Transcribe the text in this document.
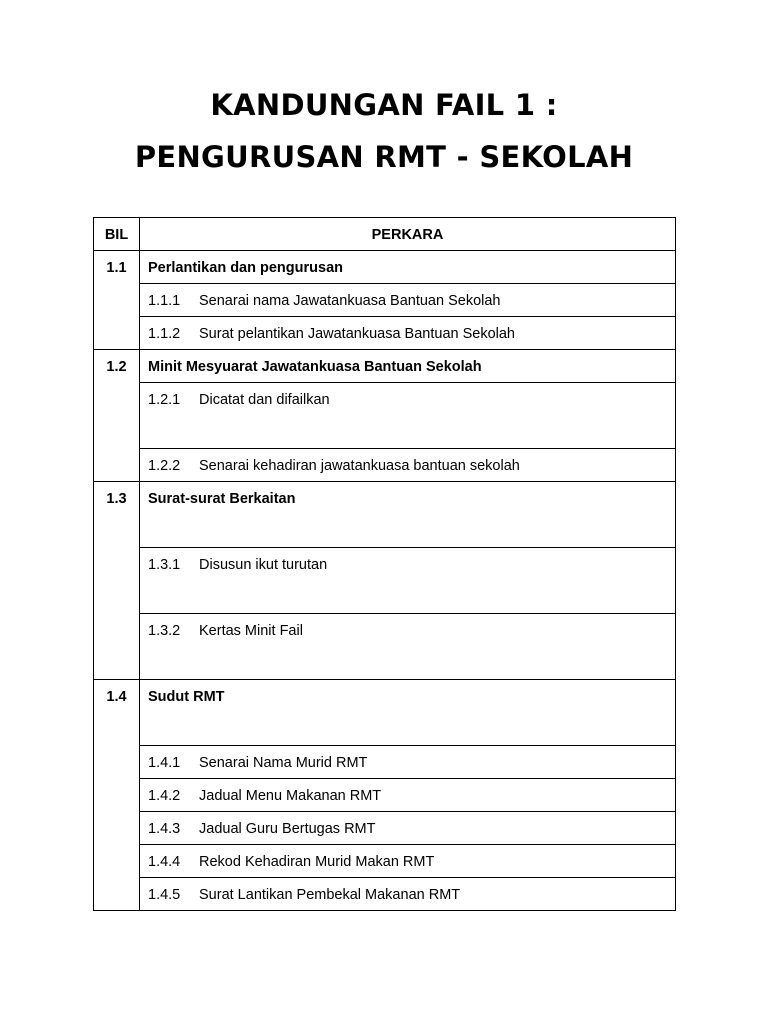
KANDUNGAN FAIL 1 :
PENGURUSAN RMT - SEKOLAH
BIL	PERKARA
1.1	Perlantikan dan pengurusan
	1.1.1 Senarai nama Jawatankuasa Bantuan Sekolah
	1.1.2 Surat pelantikan Jawatankuasa Bantuan Sekolah
1.2	Minit Mesyuarat Jawatankuasa Bantuan Sekolah
	1.2.1 Dicatat dan difailkan
	1.2.2 Senarai kehadiran jawatankuasa bantuan sekolah
1.3	Surat-surat Berkaitan
	1.3.1 Disusun ikut turutan
	1.3.2 Kertas Minit Fail
1.4	Sudut RMT
	1.4.1 Senarai Nama Murid RMT
	1.4.2 Jadual Menu Makanan RMT
	1.4.3 Jadual Guru Bertugas RMT
	1.4.4 Rekod Kehadiran Murid Makan RMT
	1.4.5 Surat Lantikan Pembekal Makanan RMT
